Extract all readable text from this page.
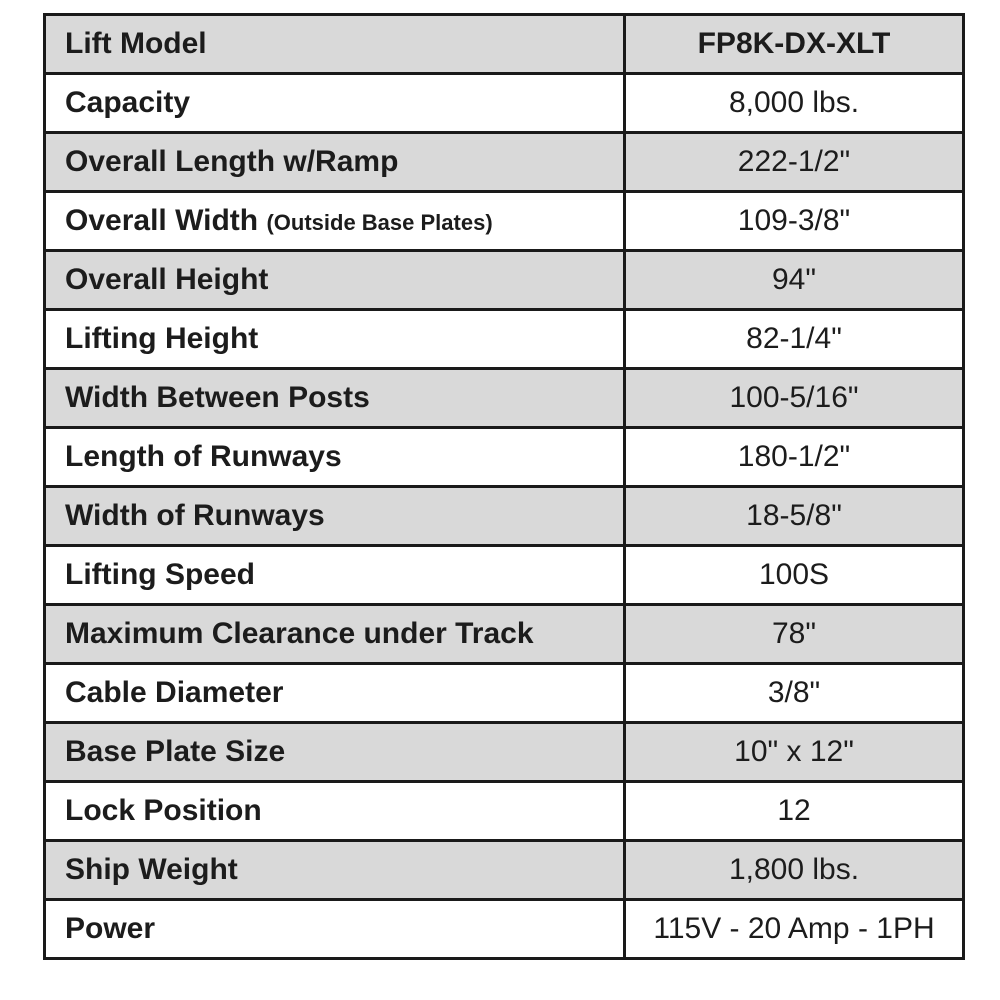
Lift Model	FP8K-DX-XLT
Capacity	8,000 lbs.
Overall Length w/Ramp	222-1/2"
Overall Width (Outside Base Plates)	109-3/8"
Overall Height	94"
Lifting Height	82-1/4"
Width Between Posts	100-5/16"
Length of Runways	180-1/2"
Width of Runways	18-5/8"
Lifting Speed	100S
Maximum Clearance under Track	78"
Cable Diameter	3/8"
Base Plate Size	10" x 12"
Lock Position	12
Ship Weight	1,800 lbs.
Power	115V - 20 Amp - 1PH
